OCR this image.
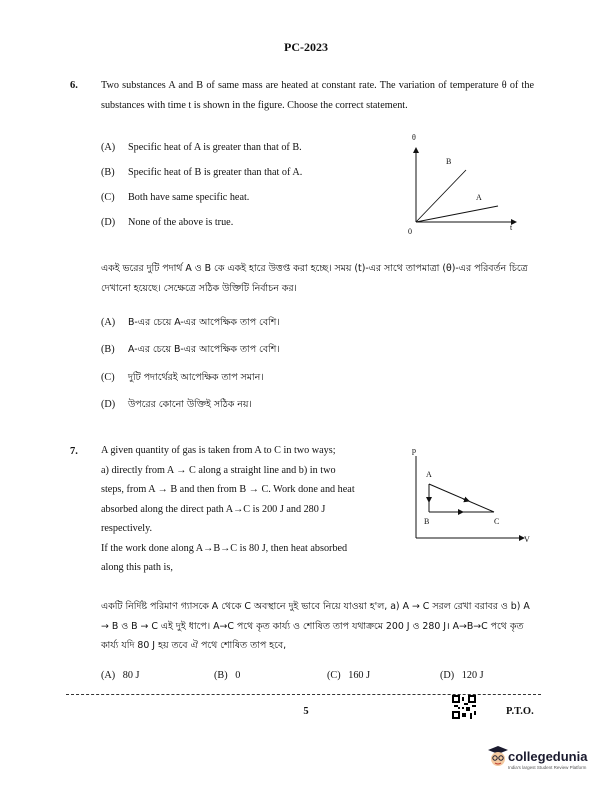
PC-2023
6. Two substances A and B of same mass are heated at constant rate. The variation of temperature θ of the substances with time t is shown in the figure. Choose the correct statement.
(A) Specific heat of A is greater than that of B.
(B) Specific heat of B is greater than that of A.
(C) Both have same specific heat.
(D) None of the above is true.
θ
t
0
B
A
একই ভরের দুটি পদার্থ A ও B কে একই হারে উত্তপ্ত করা হচ্ছে। সময় (t)-এর সাথে তাপমাত্রা (θ)-এর পরিবর্তন চিত্রে দেখানো হয়েছে। সেক্ষেত্রে সঠিক উক্তিটি নির্বাচন কর।
(A) B-এর চেয়ে A-এর আপেক্ষিক তাপ বেশি।
(B) A-এর চেয়ে B-এর আপেক্ষিক তাপ বেশি।
(C) দুটি পদার্থেরই আপেক্ষিক তাপ সমান।
(D) উপরের কোনো উক্তিই সঠিক নয়।
7. A given quantity of gas is taken from A to C in two ways;
a) directly from A → C along a straight line and b) in two
steps, from A → B and then from B → C. Work done and heat
absorbed along the direct path A→C is 200 J and 280 J
respectively.
If the work done along A→B→C is 80 J, then heat absorbed
along this path is,
p
V
A
B	C
একটি নির্দিষ্ট পরিমাণ গ্যাসকে A থেকে C অবস্থানে দুই ভাবে নিয়ে যাওয়া হ'ল, a) A → C সরল রেখা বরাবর ও b) A → B ও B → C এই দুই ধাপে। A→C পথে কৃত কার্য্য ও শোষিত তাপ যথাক্রমে 200 J ও 280 J। A→B→C পথে কৃত কার্য্য যদি 80 J হয় তবে ঐ পথে শোষিত তাপ হবে,
(A) 80 J	(B) 0	(C) 160 J	(D) 120 J
5	P.T.O.
collegedunia
India's largest Student Review Platform
